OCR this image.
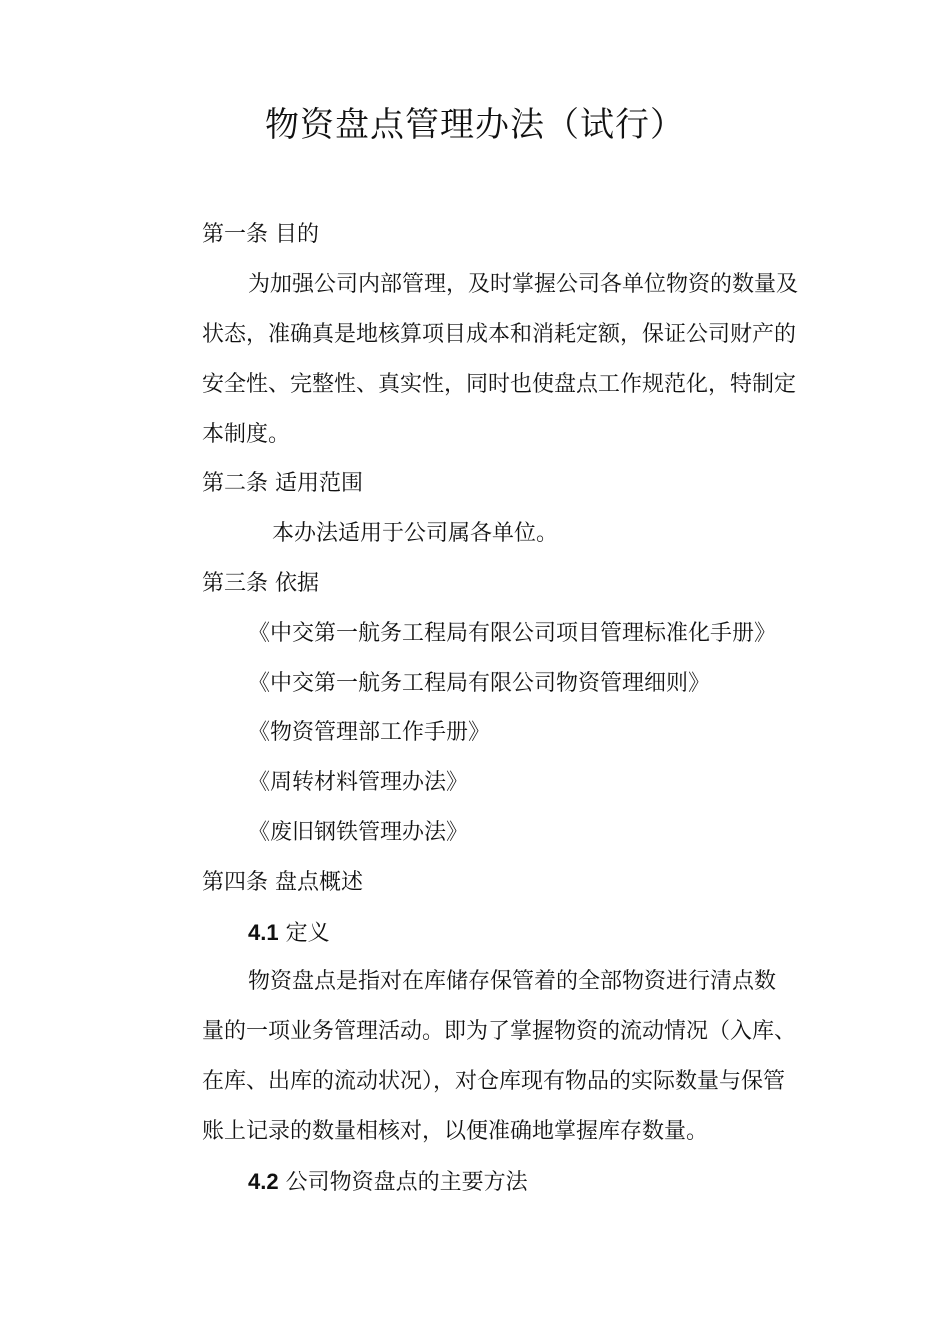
物资盘点管理办法（试行）
第一条 目的
为加强公司内部管理，及时掌握公司各单位物资的数量及
状态，准确真是地核算项目成本和消耗定额，保证公司财产的
安全性、完整性、真实性，同时也使盘点工作规范化，特制定
本制度。
第二条 适用范围
本办法适用于公司属各单位。
第三条 依据
《中交第一航务工程局有限公司项目管理标准化手册》
《中交第一航务工程局有限公司物资管理细则》
《物资管理部工作手册》
《周转材料管理办法》
《废旧钢铁管理办法》
第四条 盘点概述
4.1 定义
物资盘点是指对在库储存保管着的全部物资进行清点数
量的一项业务管理活动。即为了掌握物资的流动情况（入库、
在库、出库的流动状况），对仓库现有物品的实际数量与保管
账上记录的数量相核对，以便准确地掌握库存数量。
4.2 公司物资盘点的主要方法
